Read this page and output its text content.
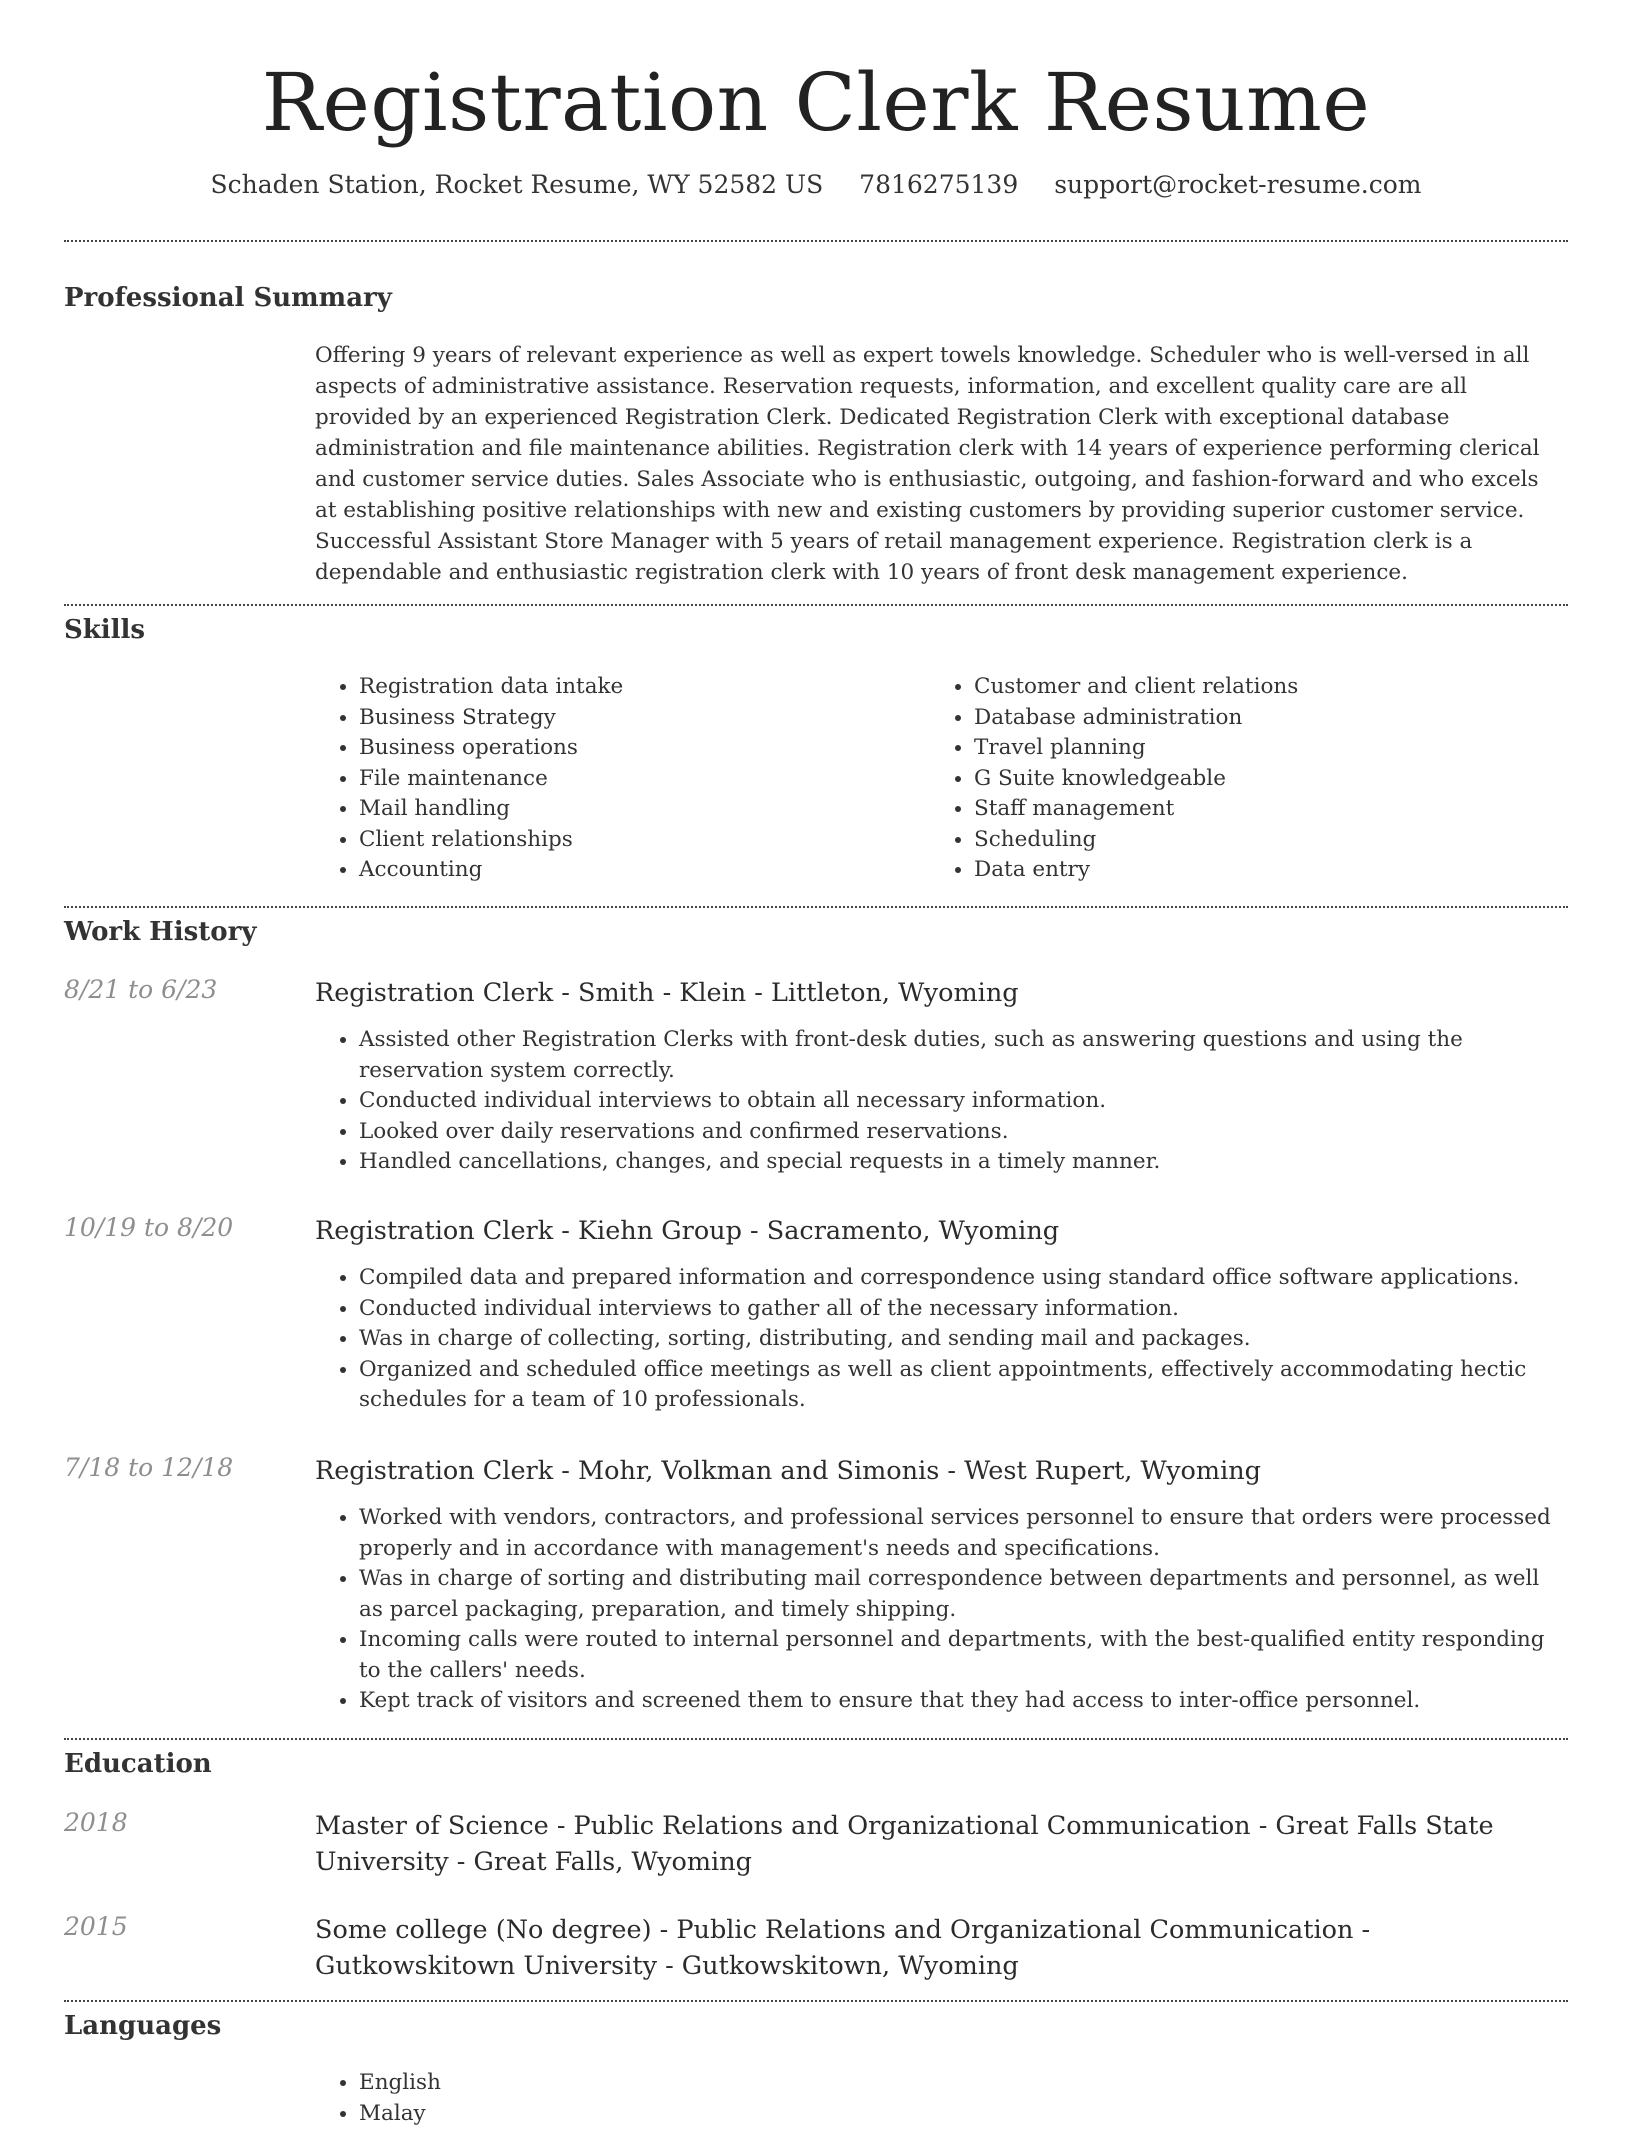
Registration Clerk Resume
Schaden Station, Rocket Resume, WY 52582 US 7816275139 support@rocket-resume.com
Professional Summary

Offering 9 years of relevant experience as well as expert towels knowledge. Scheduler who is well-versed in all aspects of administrative assistance. Reservation requests, information, and excellent quality care are all provided by an experienced Registration Clerk. Dedicated Registration Clerk with exceptional database administration and file maintenance abilities. Registration clerk with 14 years of experience performing clerical and customer service duties. Sales Associate who is enthusiastic, outgoing, and fashion-forward and who excels at establishing positive relationships with new and existing customers by providing superior customer service. Successful Assistant Store Manager with 5 years of retail management experience. Registration clerk is a dependable and enthusiastic registration clerk with 10 years of front desk management experience.

Skills
• Registration data intake
• Business Strategy
• Business operations
• File maintenance
• Mail handling
• Client relationships
• Accounting
• Customer and client relations
• Database administration
• Travel planning
• G Suite knowledgeable
• Staff management
• Scheduling
• Data entry
Work History
8/21 to 6/23	Registration Clerk - Smith - Klein - Littleton, Wyoming
• Assisted other Registration Clerks with front-desk duties, such as answering questions and using the reservation system correctly.
• Conducted individual interviews to obtain all necessary information.
• Looked over daily reservations and confirmed reservations.
• Handled cancellations, changes, and special requests in a timely manner.
10/19 to 8/20	Registration Clerk - Kiehn Group - Sacramento, Wyoming
• Compiled data and prepared information and correspondence using standard office software applications.
• Conducted individual interviews to gather all of the necessary information.
• Was in charge of collecting, sorting, distributing, and sending mail and packages.
• Organized and scheduled office meetings as well as client appointments, effectively accommodating hectic schedules for a team of 10 professionals.
7/18 to 12/18	Registration Clerk - Mohr, Volkman and Simonis - West Rupert, Wyoming
• Worked with vendors, contractors, and professional services personnel to ensure that orders were processed properly and in accordance with management's needs and specifications.
• Was in charge of sorting and distributing mail correspondence between departments and personnel, as well as parcel packaging, preparation, and timely shipping.
• Incoming calls were routed to internal personnel and departments, with the best-qualified entity responding to the callers' needs.
• Kept track of visitors and screened them to ensure that they had access to inter-office personnel.
Education
2018	Master of Science - Public Relations and Organizational Communication - Great Falls State University - Great Falls, Wyoming
2015	Some college (No degree) - Public Relations and Organizational Communication - Gutkowskitown University - Gutkowskitown, Wyoming
Languages
• English
• Malay
